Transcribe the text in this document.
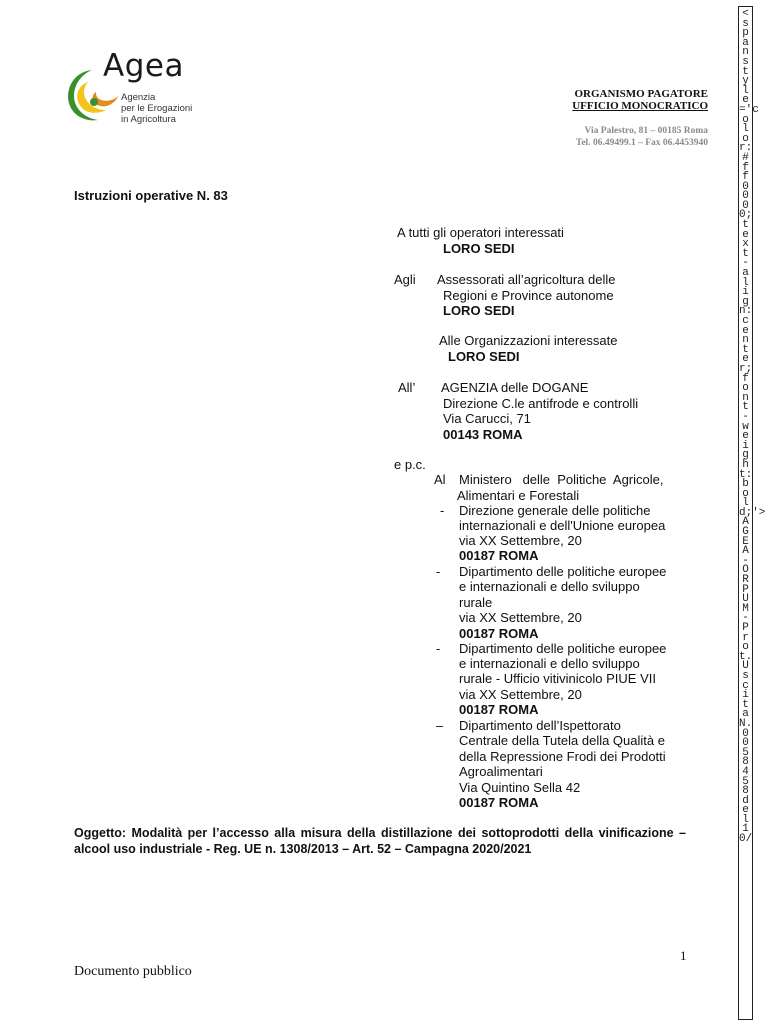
Agea
Agenzia
per le Erogazioni
in Agricoltura
ORGANISMO PAGATORE
UFFICIO MONOCRATICO
Via Palestro, 81 – 00185 Roma
Tel. 06.49499.1 – Fax 06.4453940
Istruzioni operative N. 83
A tutti gli operatori interessati
LORO SEDI
Agli Assessorati all’agricoltura delle
Regioni e Province autonome
LORO SEDI
Alle Organizzazioni interessate
LORO SEDI
All’ AGENZIA delle DOGANE
Direzione C.le antifrode e controlli
Via Carucci, 71
00143 ROMA
e p.c.
Al Ministero   delle  Politiche  Agricole,
Alimentari e Forestali
- Direzione generale delle politiche
internazionali e dell'Unione europea
via XX Settembre, 20
00187 ROMA
- Dipartimento delle politiche europee
e internazionali e dello sviluppo
rurale
via XX Settembre, 20
00187 ROMA
- Dipartimento delle politiche europee
e internazionali e dello sviluppo
rurale - Ufficio vitivinicolo PIUE VII
via XX Settembre, 20
00187 ROMA
– Dipartimento dell’Ispettorato
Centrale della Tutela della Qualità e
della Repressione Frodi dei Prodotti
Agroalimentari
Via Quintino Sella 42
00187 ROMA
Oggetto: Modalità per l’accesso alla misura della distillazione dei sottoprodotti della vinificazione – alcool uso industriale - Reg. UE n. 1308/2013 – Art. 52 – Campagna 2020/2021
1
Documento pubblico
<span style='color:#ff0000; text-align:center; font-weight:bold;'>AGEA - ORPUM - Prot. Uscita N.0058458 del 10/
